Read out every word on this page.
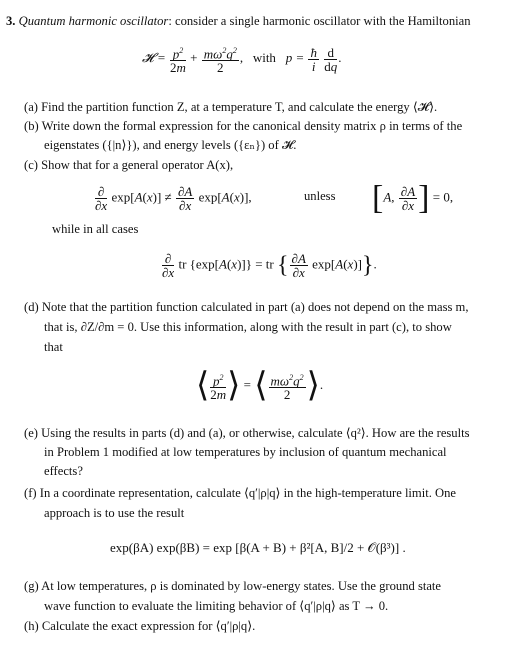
3. Quantum harmonic oscillator: consider a single harmonic oscillator with the Hamiltonian
𝓗 = $\frac{p^2}{2m} + \frac{m\omega^2q^2}{2}$ ,   with $p = \frac{ħ}{i}$
$\frac{d}{dq}$ .
(a) Find the partition function Z, at a temperature T, and calculate the energy ⟨𝓗⟩.
(b) Write down the formal expression for the canonical density matrix ρ in terms of the
eigenstates ({|n⟩}), and energy levels ({εₙ}) of 𝓗.
(c) Show that for a general operator A(x),
$\frac{\partial}{\partial x} \exp[A(x)] \ne \frac{\partial A}{\partial x} \exp[A(x)]$,	unless [A, $\frac{\partial A}{\partial x}$ ] = 0,
while in all cases
$\frac{\partial}{\partial x}$ tr {exp[A(x)]} = tr { $\frac{\partial A}{\partial x} \exp[A(x)]$}.
(d) Note that the partition function calculated in part (a) does not depend on the mass m,
that is, ∂Z/∂m = 0. Use this information, along with the result in part (c), to show
that
⟨ $\frac{p^2}{2m}$ ⟩ = ⟨ $\frac{m\omega^2q^2}{2}$ ⟩.
(e) Using the results in parts (d) and (a), or otherwise, calculate ⟨q²⟩. How are the results
in Problem 1 modified at low temperatures by inclusion of quantum mechanical
effects?
(f) In a coordinate representation, calculate ⟨q′|ρ|q⟩ in the high-temperature limit. One
approach is to use the result
exp(βA) exp(βB) = exp [β(A + B) + β²[A, B]/2 + 𝒪(β³)] .
(g) At low temperatures, ρ is dominated by low-energy states. Use the ground state
wave function to evaluate the limiting behavior of ⟨q′|ρ|q⟩ as T → 0.
(h) Calculate the exact expression for ⟨q′|ρ|q⟩.
